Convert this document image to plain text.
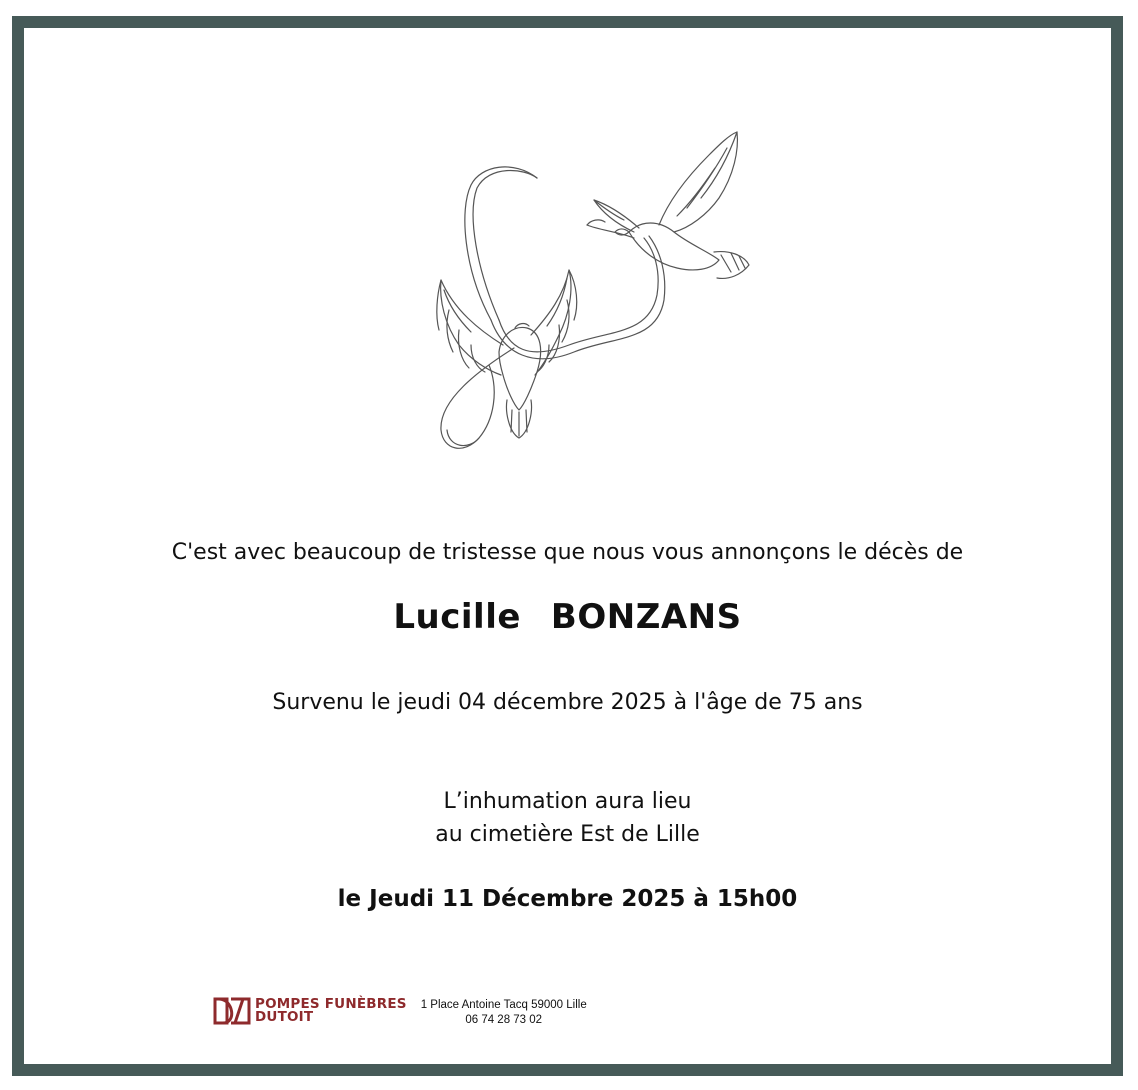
C'est avec beaucoup de tristesse que nous vous annonçons le décès de
Lucille BONZANS
Survenu le jeudi 04 décembre 2025 à l'âge de 75 ans
L’inhumation aura lieu
au cimetière Est de Lille
le Jeudi 11 Décembre 2025 à 15h00
POMPES FUNÈBRES
DUTOIT
1 Place Antoine Tacq 59000 Lille
06 74 28 73 02
